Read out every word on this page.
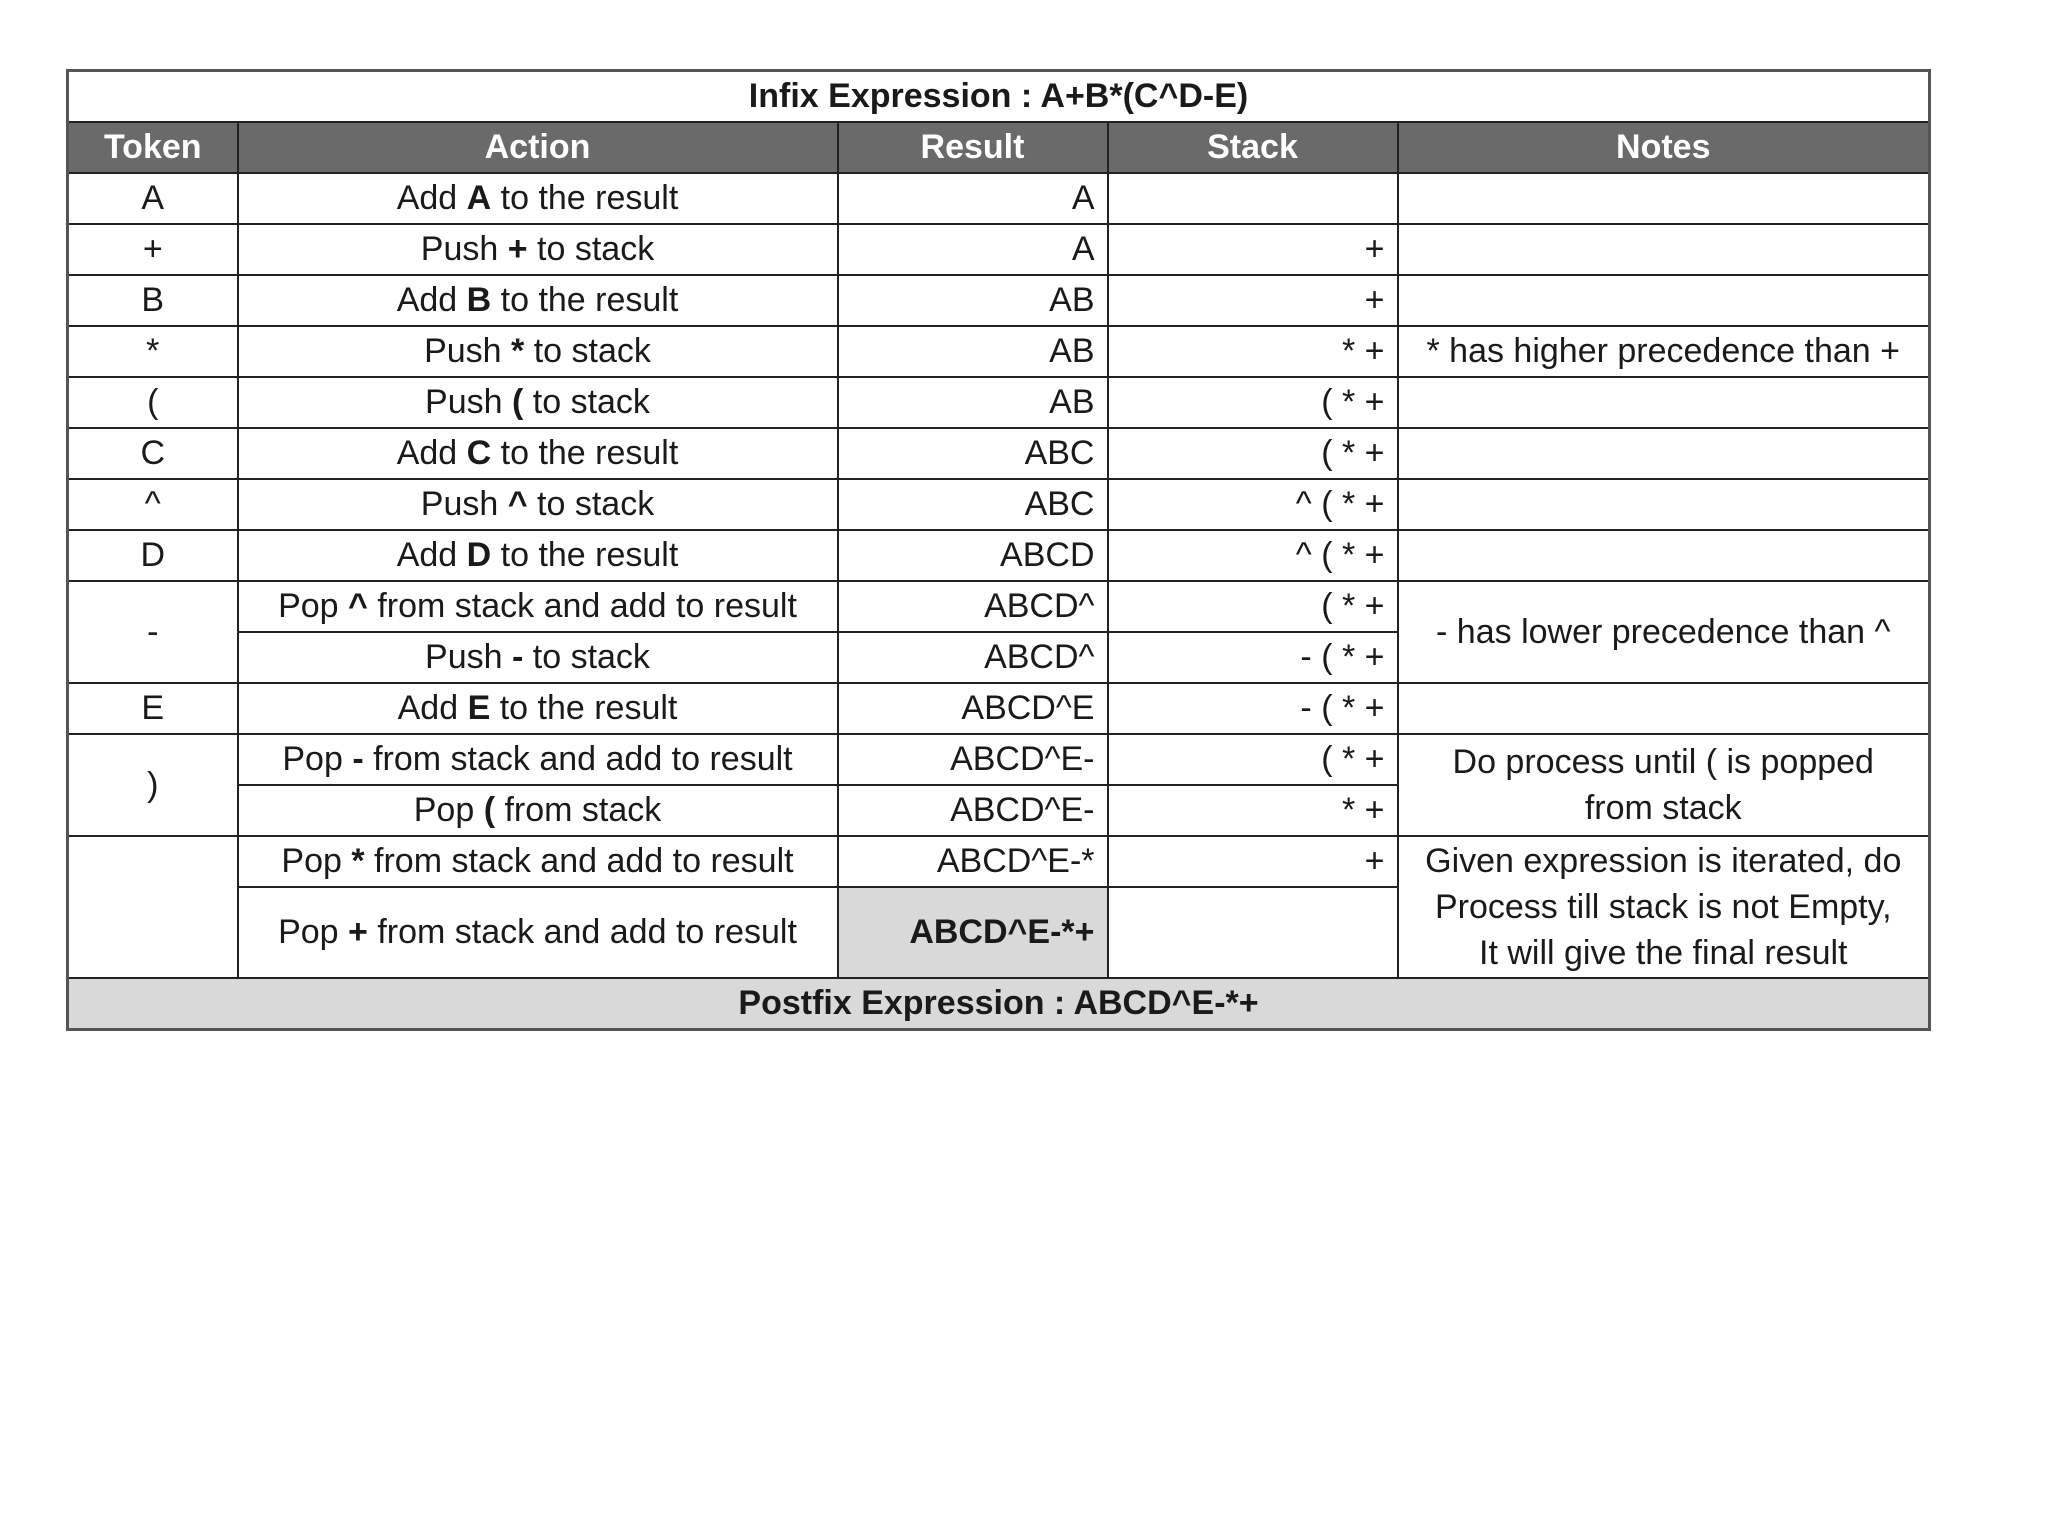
Infix Expression : A+B*(C^D-E)				
Token	Action	Result	Stack	Notes
A	Add A to the result	A		
+	Push + to stack	A	+	
B	Add B to the result	AB	+	
*	Push * to stack	AB	* +	* has higher precedence than +
(	Push ( to stack	AB	( * +	
C	Add C to the result	ABC	( * +	
^	Push ^ to stack	ABC	^ ( * +	
D	Add D to the result	ABCD	^ ( * +	
-	Pop ^ from stack and add to result	ABCD^	( * +	- has lower precedence than ^
	Push - to stack	ABCD^	- ( * +	
E	Add E to the result	ABCD^E	- ( * +	
)	Pop - from stack and add to result	ABCD^E-	( * +	Do process until ( is popped
from stack
	Pop ( from stack	ABCD^E-	* +	
	Pop * from stack and add to result	ABCD^E-*	+	Given expression is iterated, do
Process till stack is not Empty,
It will give the final result
	Pop + from stack and add to result	ABCD^E-*+		
Postfix Expression : ABCD^E-*+				
